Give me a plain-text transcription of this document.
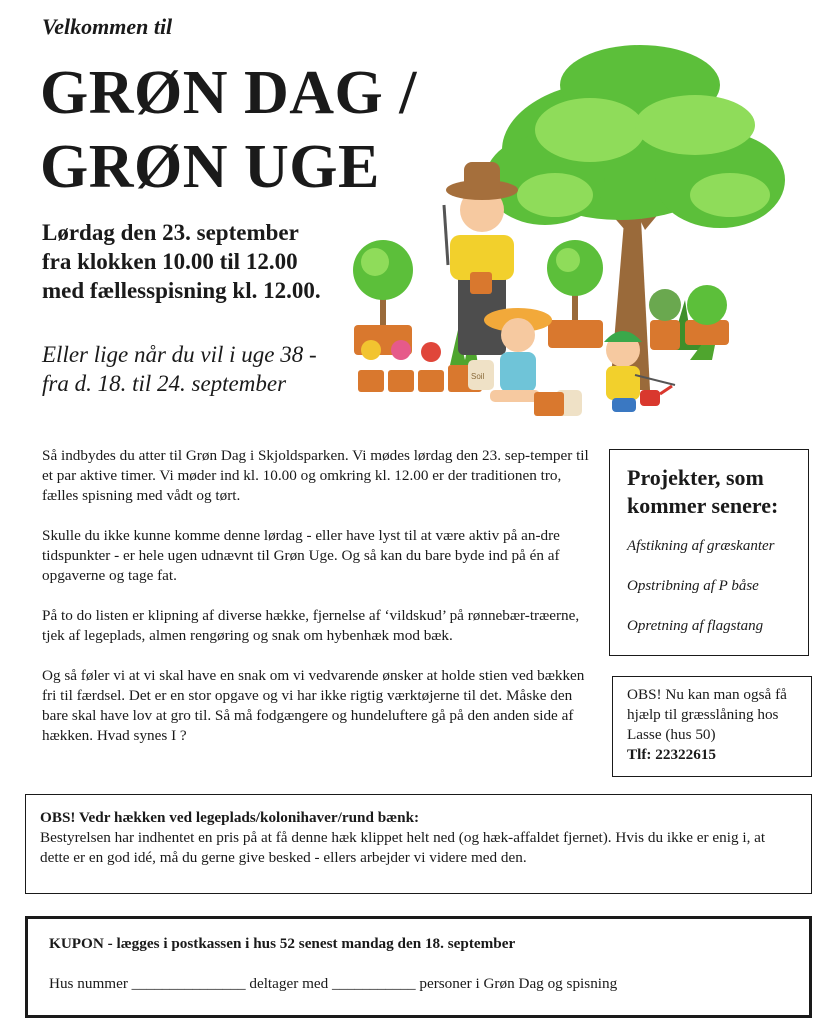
Velkommen til
GRØN DAG /
GRØN UGE
Lørdag den 23. september
fra klokken 10.00 til 12.00
med fællesspisning kl. 12.00.
Eller lige når du vil i uge 38 -
fra d. 18. til 24. september	Soil

Så indbydes du atter til Grøn Dag i Skjoldsparken. Vi mødes lørdag den 23. sep-temper til et par aktive timer. Vi møder ind kl. 10.00 og omkring kl. 12.00 er der traditionen tro, fælles spisning med vådt og tørt.

Skulle du ikke kunne komme denne lørdag - eller have lyst til at være aktiv på an-dre tidspunkter - er hele ugen udnævnt til Grøn Uge. Og så kan du bare byde ind på én af opgaverne og tage fat.

På to do listen er klipning af diverse hække, fjernelse af ‘vildskud’ på rønnebær-træerne, tjek af legeplads, almen rengøring og snak om hybenhæk mod bæk.

Og så føler vi at vi skal have en snak om vi vedvarende ønsker at holde stien ved bækken fri til færdsel. Det er en stor opgave og vi har ikke rigtig værktøjerne til det. Måske den bare skal have lov at gro til. Så må fodgængere og hundeluftere gå på den anden side af hækken. Hvad synes I ?

Projekter, som kommer senere:
Afstikning af græskanter
Opstribning af P båse
Opretning af flagstang
OBS! Nu kan man også få hjælp til græsslåning hos Lasse (hus 50)
Tlf: 22322615
OBS! Vedr hækken ved legeplads/kolonihaver/rund bænk:
Bestyrelsen har indhentet en pris på at få denne hæk klippet helt ned (og hæk-affaldet fjernet). Hvis du ikke er enig i, at dette er en god idé, må du gerne give besked - ellers arbejder vi videre med den.
KUPON - lægges i postkassen i hus 52 senest mandag den 18. september
Hus nummer _______________ deltager med ___________ personer i Grøn Dag og spisning
